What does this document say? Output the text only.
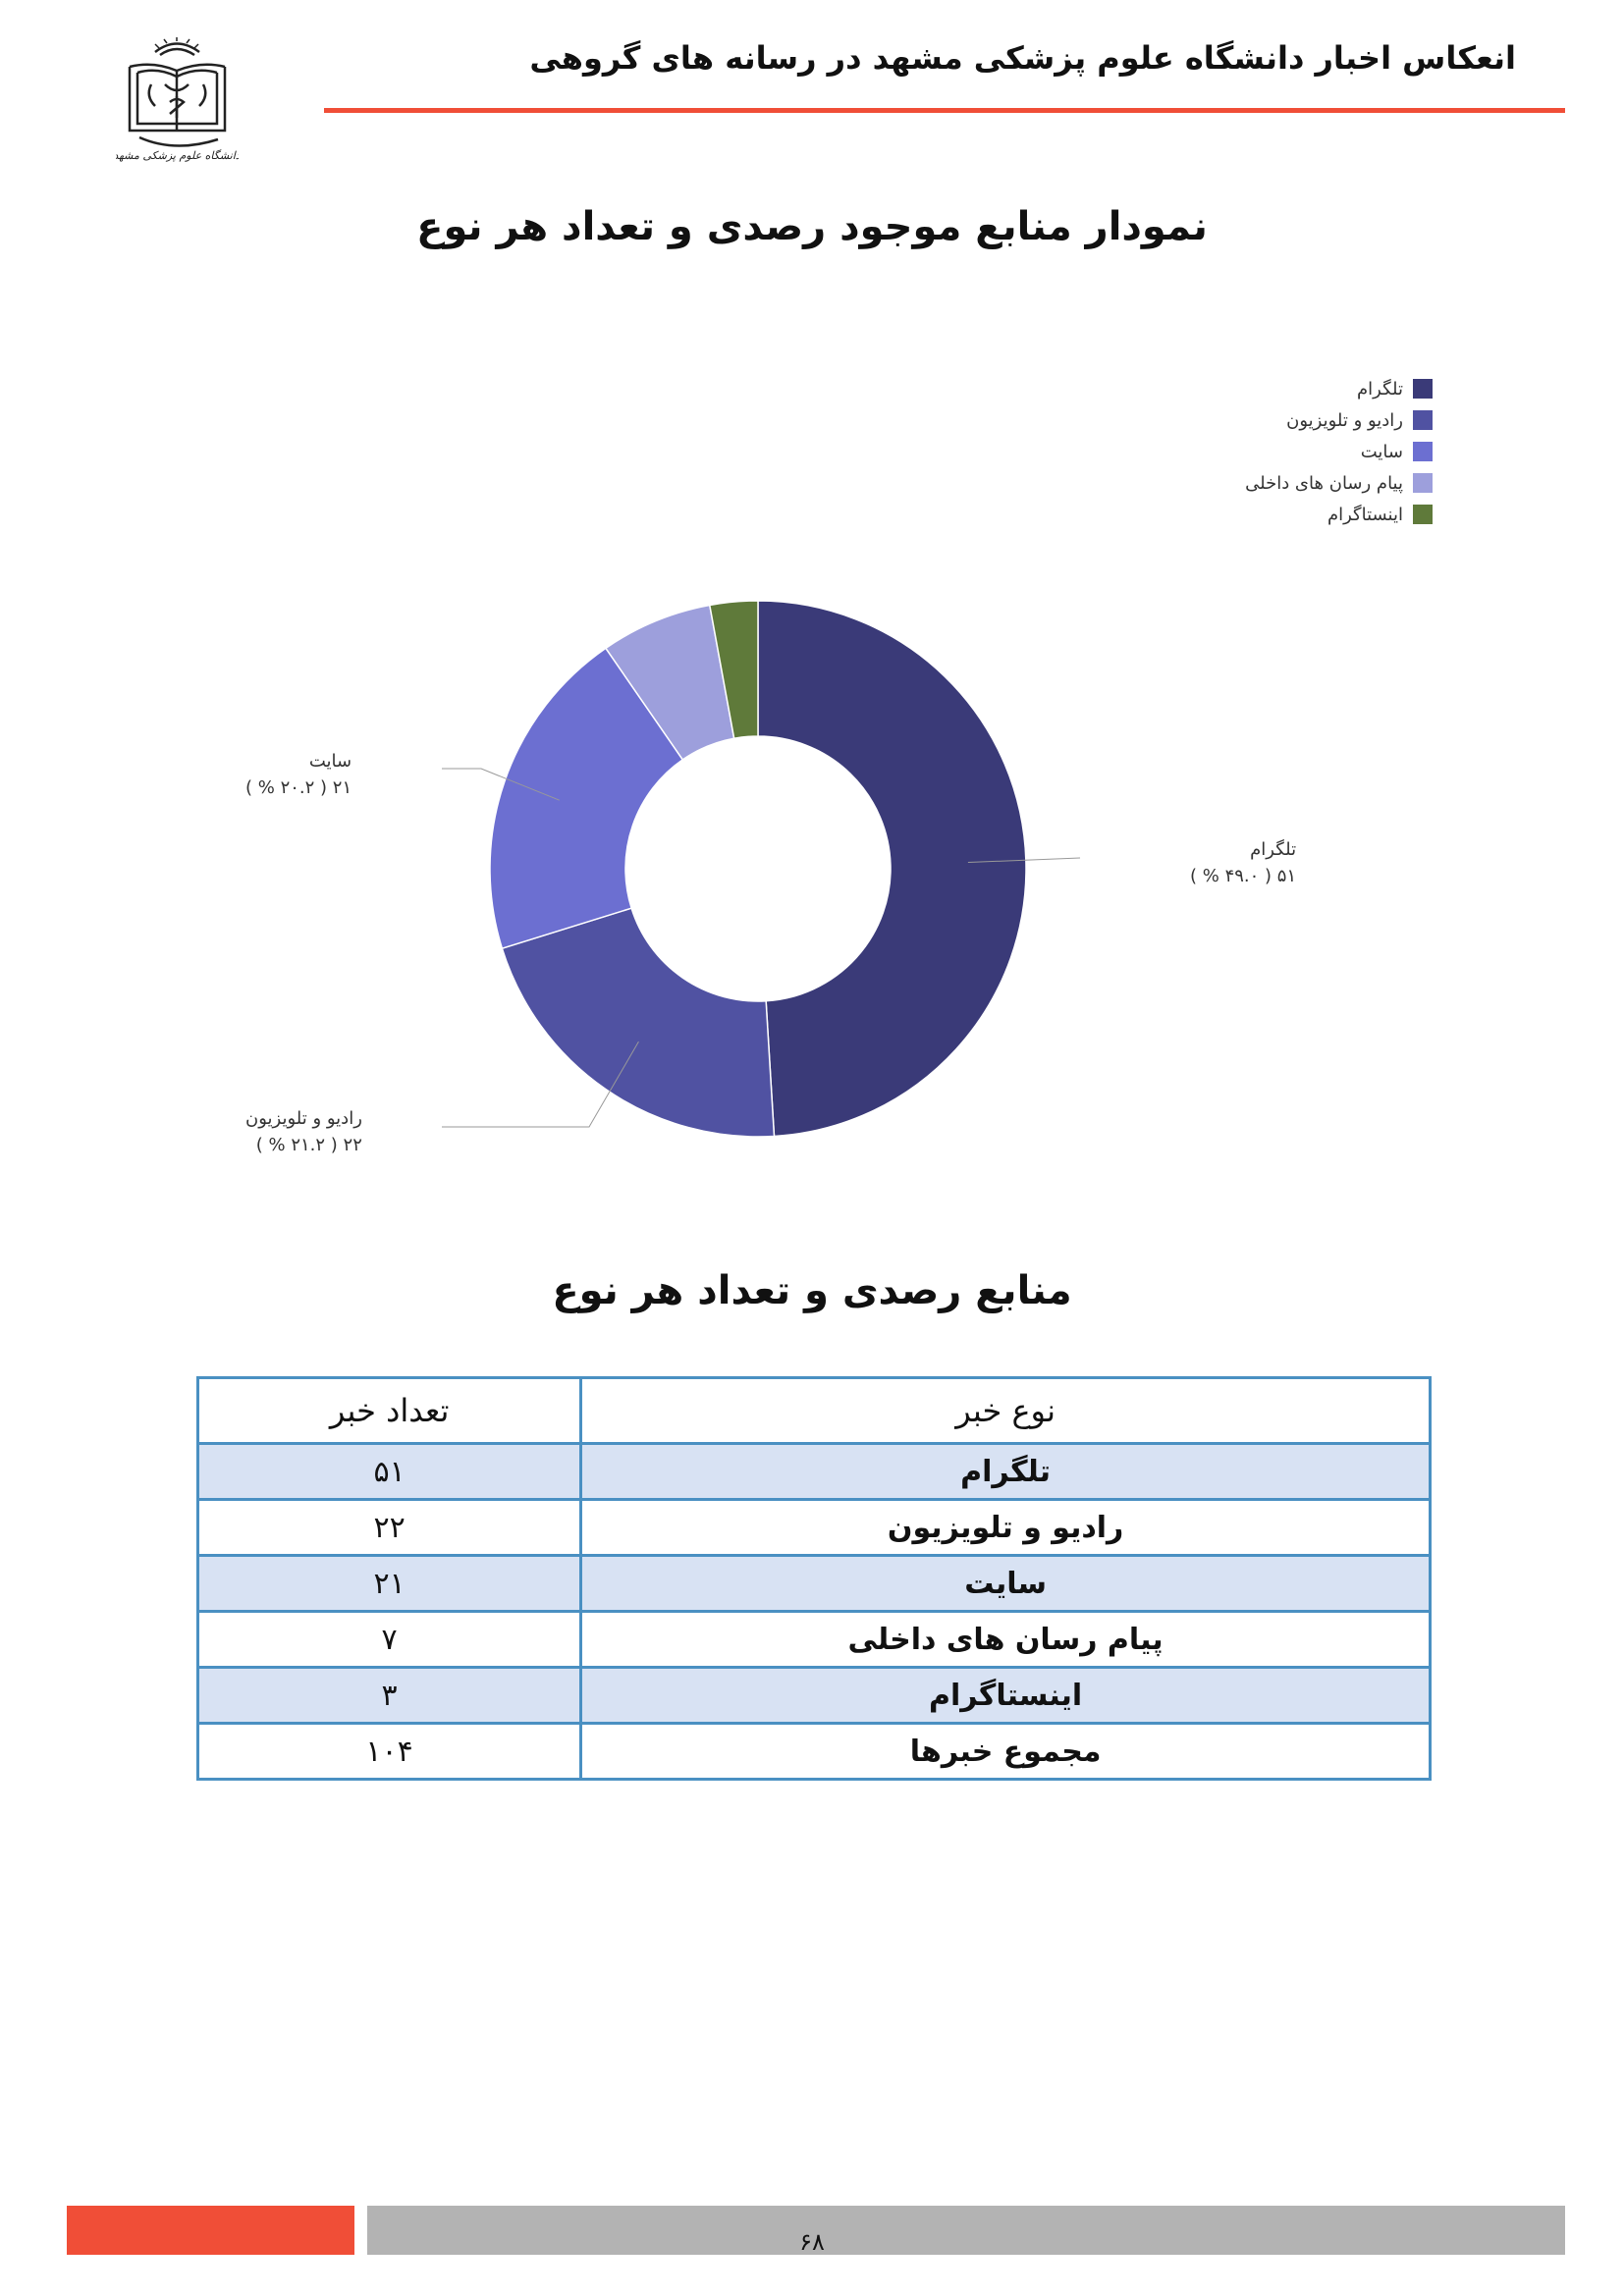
انعکاس اخبار دانشگاه علوم پزشکی مشهد در رسانه های گروهی
دانشگاه علوم پزشکی مشهد
نمودار منابع موجود رصدی و تعداد هر نوع
تلگرام
رادیو و تلویزیون
سایت
پیام رسان های داخلی
اینستاگرام
تلگرام
۵۱ ( ۴۹.۰ % )
سایت
۲۱ ( ۲۰.۲ % )
رادیو و تلویزیون
۲۲ ( ۲۱.۲ % )
منابع رصدی و تعداد هر نوع
نوع خبر	تعداد خبر
تلگرام	۵۱
رادیو و تلویزیون	۲۲
سایت	۲۱
پیام رسان های داخلی	۷
اینستاگرام	۳
مجموع خبرها	۱۰۴
۶۸
